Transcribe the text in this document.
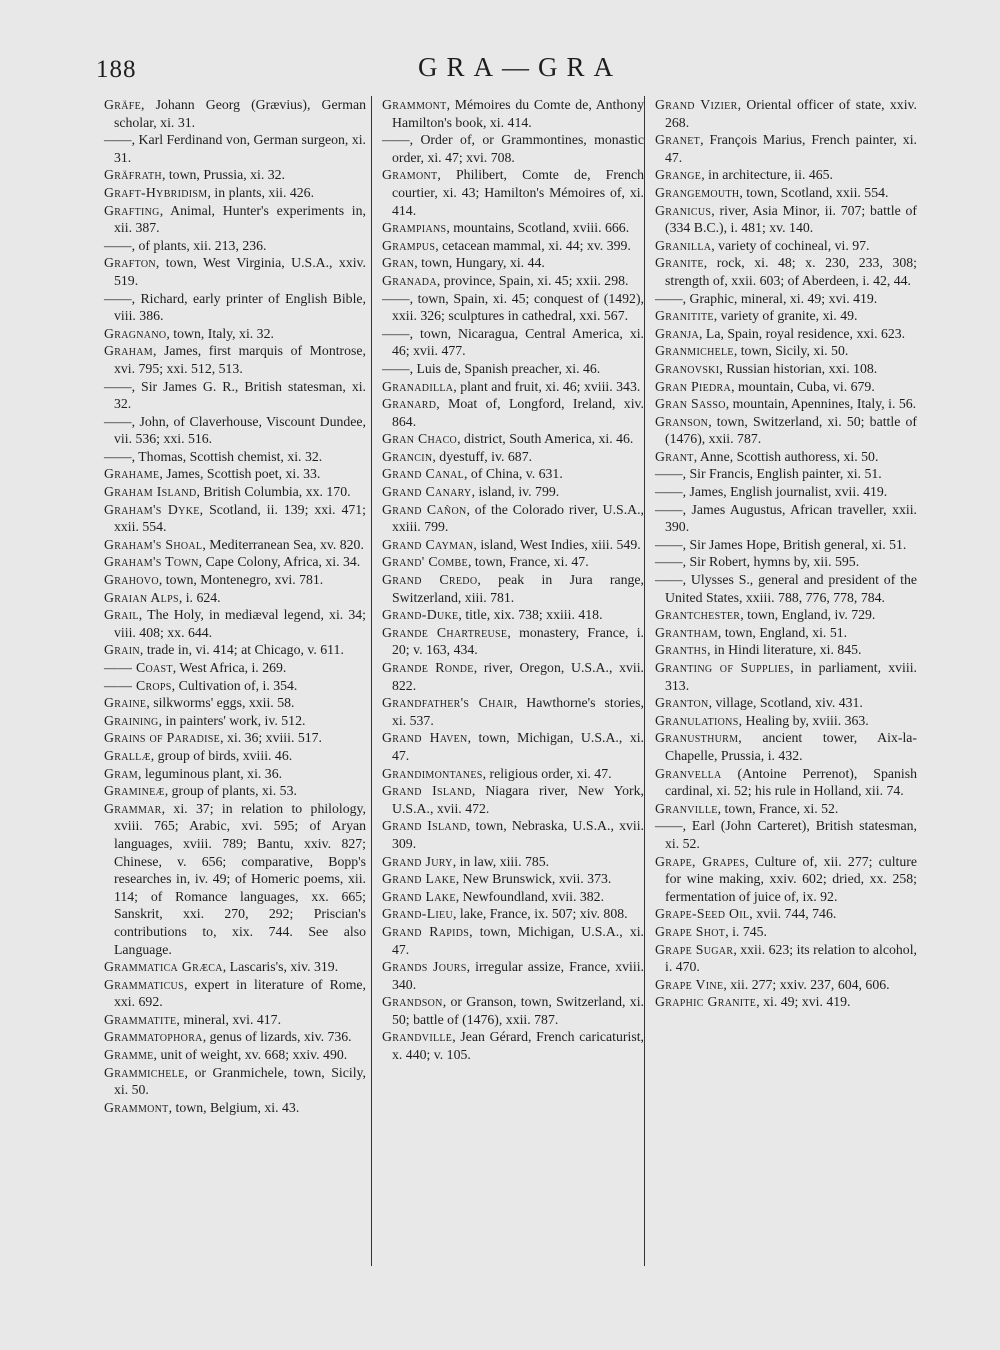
188	GRA—GRA

Gräfe, Johann Georg (Grævius), German scholar, xi. 31.

——, Karl Ferdinand von, German surgeon, xi. 31.

Gräfrath, town, Prussia, xi. 32.

Graft-Hybridism, in plants, xii. 426.

Grafting, Animal, Hunter's experiments in, xii. 387.

——, of plants, xii. 213, 236.

Grafton, town, West Virginia, U.S.A., xxiv. 519.

——, Richard, early printer of English Bible, viii. 386.

Gragnano, town, Italy, xi. 32.

Graham, James, first marquis of Montrose, xvi. 795; xxi. 512, 513.

——, Sir James G. R., British statesman, xi. 32.

——, John, of Claverhouse, Viscount Dundee, vii. 536; xxi. 516.

——, Thomas, Scottish chemist, xi. 32.

Grahame, James, Scottish poet, xi. 33.

Graham Island, British Columbia, xx. 170.

Graham's Dyke, Scotland, ii. 139; xxi. 471; xxii. 554.

Graham's Shoal, Mediterranean Sea, xv. 820.

Graham's Town, Cape Colony, Africa, xi. 34.

Grahovo, town, Montenegro, xvi. 781.

Graian Alps, i. 624.

Grail, The Holy, in mediæval legend, xi. 34; viii. 408; xx. 644.

Grain, trade in, vi. 414; at Chicago, v. 611.

—— Coast, West Africa, i. 269.

—— Crops, Cultivation of, i. 354.

Graine, silkworms' eggs, xxii. 58.

Graining, in painters' work, iv. 512.

Grains of Paradise, xi. 36; xviii. 517.

Grallæ, group of birds, xviii. 46.

Gram, leguminous plant, xi. 36.

Gramineæ, group of plants, xi. 53.

Grammar, xi. 37; in relation to philology, xviii. 765; Arabic, xvi. 595; of Aryan languages, xviii. 789; Bantu, xxiv. 827; Chinese, v. 656; comparative, Bopp's researches in, iv. 49; of Homeric poems, xii. 114; of Romance languages, xx. 665; Sanskrit, xxi. 270, 292; Priscian's contributions to, xix. 744. See also Language.

Grammatica Græca, Lascaris's, xiv. 319.

Grammaticus, expert in literature of Rome, xxi. 692.

Grammatite, mineral, xvi. 417.

Grammatophora, genus of lizards, xiv. 736.

Gramme, unit of weight, xv. 668; xxiv. 490.

Grammichele, or Granmichele, town, Sicily, xi. 50.

Grammont, town, Belgium, xi. 43.

Grammont, Mémoires du Comte de, Anthony Hamilton's book, xi. 414.

——, Order of, or Grammontines, monastic order, xi. 47; xvi. 708.

Gramont, Philibert, Comte de, French courtier, xi. 43; Hamilton's Mémoires of, xi. 414.

Grampians, mountains, Scotland, xviii. 666.

Grampus, cetacean mammal, xi. 44; xv. 399.

Gran, town, Hungary, xi. 44.

Granada, province, Spain, xi. 45; xxii. 298.

——, town, Spain, xi. 45; conquest of (1492), xxii. 326; sculptures in cathedral, xxi. 567.

——, town, Nicaragua, Central America, xi. 46; xvii. 477.

——, Luis de, Spanish preacher, xi. 46.

Granadilla, plant and fruit, xi. 46; xviii. 343.

Granard, Moat of, Longford, Ireland, xiv. 864.

Gran Chaco, district, South America, xi. 46.

Grancin, dyestuff, iv. 687.

Grand Canal, of China, v. 631.

Grand Canary, island, iv. 799.

Grand Cañon, of the Colorado river, U.S.A., xxiii. 799.

Grand Cayman, island, West Indies, xiii. 549.

Grand' Combe, town, France, xi. 47.

Grand Credo, peak in Jura range, Switzerland, xiii. 781.

Grand-Duke, title, xix. 738; xxiii. 418.

Grande Chartreuse, monastery, France, i. 20; v. 163, 434.

Grande Ronde, river, Oregon, U.S.A., xvii. 822.

Grandfather's Chair, Hawthorne's stories, xi. 537.

Grand Haven, town, Michigan, U.S.A., xi. 47.

Grandimontanes, religious order, xi. 47.

Grand Island, Niagara river, New York, U.S.A., xvii. 472.

Grand Island, town, Nebraska, U.S.A., xvii. 309.

Grand Jury, in law, xiii. 785.

Grand Lake, New Brunswick, xvii. 373.

Grand Lake, Newfoundland, xvii. 382.

Grand-Lieu, lake, France, ix. 507; xiv. 808.

Grand Rapids, town, Michigan, U.S.A., xi. 47.

Grands Jours, irregular assize, France, xviii. 340.

Grandson, or Granson, town, Switzerland, xi. 50; battle of (1476), xxii. 787.

Grandville, Jean Gérard, French caricaturist, x. 440; v. 105.

Grand Vizier, Oriental officer of state, xxiv. 268.

Granet, François Marius, French painter, xi. 47.

Grange, in architecture, ii. 465.

Grangemouth, town, Scotland, xxii. 554.

Granicus, river, Asia Minor, ii. 707; battle of (334 B.C.), i. 481; xv. 140.

Granilla, variety of cochineal, vi. 97.

Granite, rock, xi. 48; x. 230, 233, 308; strength of, xxii. 603; of Aberdeen, i. 42, 44.

——, Graphic, mineral, xi. 49; xvi. 419.

Granitite, variety of granite, xi. 49.

Granja, La, Spain, royal residence, xxi. 623.

Granmichele, town, Sicily, xi. 50.

Granovski, Russian historian, xxi. 108.

Gran Piedra, mountain, Cuba, vi. 679.

Gran Sasso, mountain, Apennines, Italy, i. 56.

Granson, town, Switzerland, xi. 50; battle of (1476), xxii. 787.

Grant, Anne, Scottish authoress, xi. 50.

——, Sir Francis, English painter, xi. 51.

——, James, English journalist, xvii. 419.

——, James Augustus, African traveller, xxii. 390.

——, Sir James Hope, British general, xi. 51.

——, Sir Robert, hymns by, xii. 595.

——, Ulysses S., general and president of the United States, xxiii. 788, 776, 778, 784.

Grantchester, town, England, iv. 729.

Grantham, town, England, xi. 51.

Granths, in Hindi literature, xi. 845.

Granting of Supplies, in parliament, xviii. 313.

Granton, village, Scotland, xiv. 431.

Granulations, Healing by, xviii. 363.

Granusthurm, ancient tower, Aix-la-Chapelle, Prussia, i. 432.

Granvella (Antoine Perrenot), Spanish cardinal, xi. 52; his rule in Holland, xii. 74.

Granville, town, France, xi. 52.

——, Earl (John Carteret), British statesman, xi. 52.

Grape, Grapes, Culture of, xii. 277; culture for wine making, xxiv. 602; dried, xx. 258; fermentation of juice of, ix. 92.

Grape-Seed Oil, xvii. 744, 746.

Grape Shot, i. 745.

Grape Sugar, xxii. 623; its relation to alcohol, i. 470.

Grape Vine, xii. 277; xxiv. 237, 604, 606.

Graphic Granite, xi. 49; xvi. 419.
